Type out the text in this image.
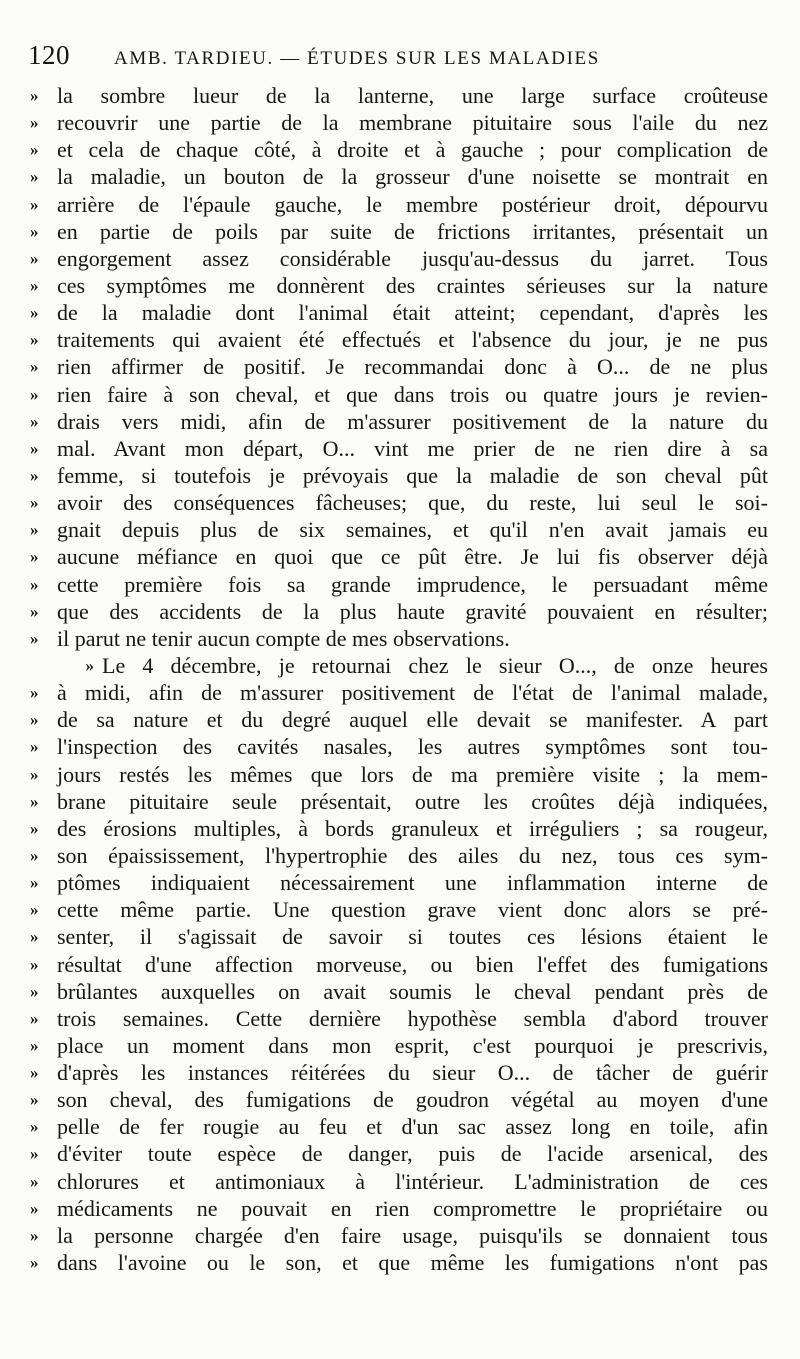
120 AMB. TARDIEU. — ÉTUDES SUR LES MALADIES
» la sombre lueur de la lanterne, une large surface croûteuse
» recouvrir une partie de la membrane pituitaire sous l'aile du nez
» et cela de chaque côté, à droite et à gauche ; pour complication de
» la maladie, un bouton de la grosseur d'une noisette se montrait en
» arrière de l'épaule gauche, le membre postérieur droit, dépourvu
» en partie de poils par suite de frictions irritantes, présentait un
» engorgement assez considérable jusqu'au-dessus du jarret. Tous
» ces symptômes me donnèrent des craintes sérieuses sur la nature
» de la maladie dont l'animal était atteint; cependant, d'après les
» traitements qui avaient été effectués et l'absence du jour, je ne pus
» rien affirmer de positif. Je recommandai donc à O... de ne plus
» rien faire à son cheval, et que dans trois ou quatre jours je revien-
» drais vers midi, afin de m'assurer positivement de la nature du
» mal. Avant mon départ, O... vint me prier de ne rien dire à sa
» femme, si toutefois je prévoyais que la maladie de son cheval pût
» avoir des conséquences fâcheuses; que, du reste, lui seul le soi-
» gnait depuis plus de six semaines, et qu'il n'en avait jamais eu
» aucune méfiance en quoi que ce pût être. Je lui fis observer déjà
» cette première fois sa grande imprudence, le persuadant même
» que des accidents de la plus haute gravité pouvaient en résulter;
» il parut ne tenir aucun compte de mes observations.
» Le 4 décembre, je retournai chez le sieur O..., de onze heures
» à midi, afin de m'assurer positivement de l'état de l'animal malade,
» de sa nature et du degré auquel elle devait se manifester. A part
» l'inspection des cavités nasales, les autres symptômes sont tou-
» jours restés les mêmes que lors de ma première visite ; la mem-
» brane pituitaire seule présentait, outre les croûtes déjà indiquées,
» des érosions multiples, à bords granuleux et irréguliers ; sa rougeur,
» son épaississement, l'hypertrophie des ailes du nez, tous ces sym-
» ptômes indiquaient nécessairement une inflammation interne de
» cette même partie. Une question grave vient donc alors se pré-
» senter, il s'agissait de savoir si toutes ces lésions étaient le
» résultat d'une affection morveuse, ou bien l'effet des fumigations
» brûlantes auxquelles on avait soumis le cheval pendant près de
» trois semaines. Cette dernière hypothèse sembla d'abord trouver
» place un moment dans mon esprit, c'est pourquoi je prescrivis,
» d'après les instances réitérées du sieur O... de tâcher de guérir
» son cheval, des fumigations de goudron végétal au moyen d'une
» pelle de fer rougie au feu et d'un sac assez long en toile, afin
» d'éviter toute espèce de danger, puis de l'acide arsenical, des
» chlorures et antimoniaux à l'intérieur. L'administration de ces
» médicaments ne pouvait en rien compromettre le propriétaire ou
» la personne chargée d'en faire usage, puisqu'ils se donnaient tous
» dans l'avoine ou le son, et que même les fumigations n'ont pas
